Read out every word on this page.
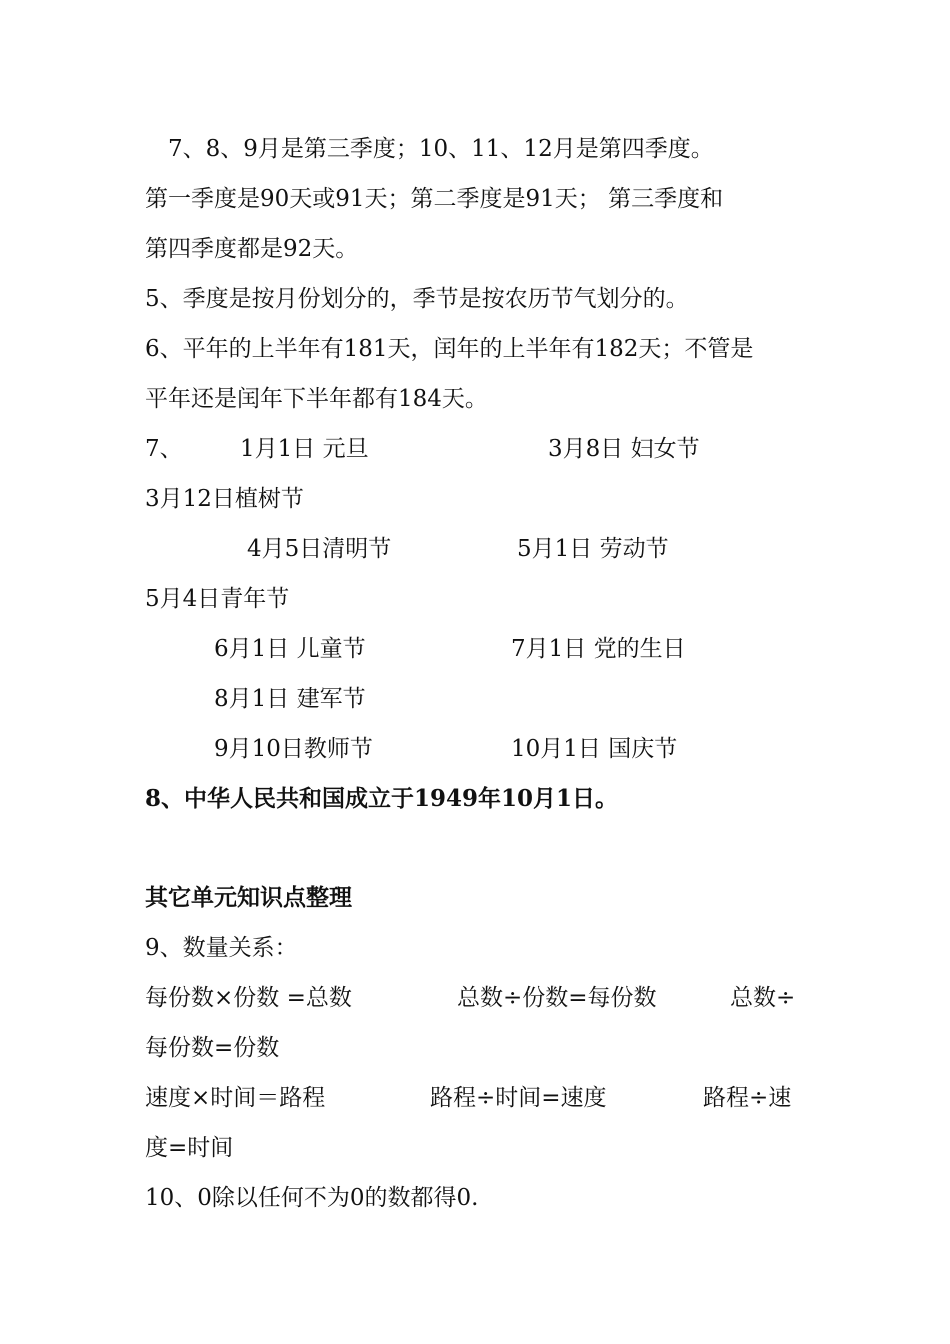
7、8、9月是第三季度；10、11、12月是第四季度。
第一季度是90天或91天；第二季度是91天； 第三季度和
第四季度都是92天。
5、季度是按月份划分的，季节是按农历节气划分的。
6、平年的上半年有181天，闰年的上半年有182天；不管是
平年还是闰年下半年都有184天。
7、 1月1日 元旦	3月8日 妇女节
3月12日植树节
4月5日清明节	5月1日 劳动节
5月4日青年节
6月1日 儿童节	7月1日 党的生日
8月1日 建军节
9月10日教师节	10月1日 国庆节
8、中华人民共和国成立于1949年10月1日。
其它单元知识点整理
9、数量关系：
每份数×份数 =总数	总数÷份数=每份数	总数÷
每份数=份数
速度×时间＝路程	路程÷时间=速度	路程÷速
度=时间
10、0除以任何不为0的数都得0.
